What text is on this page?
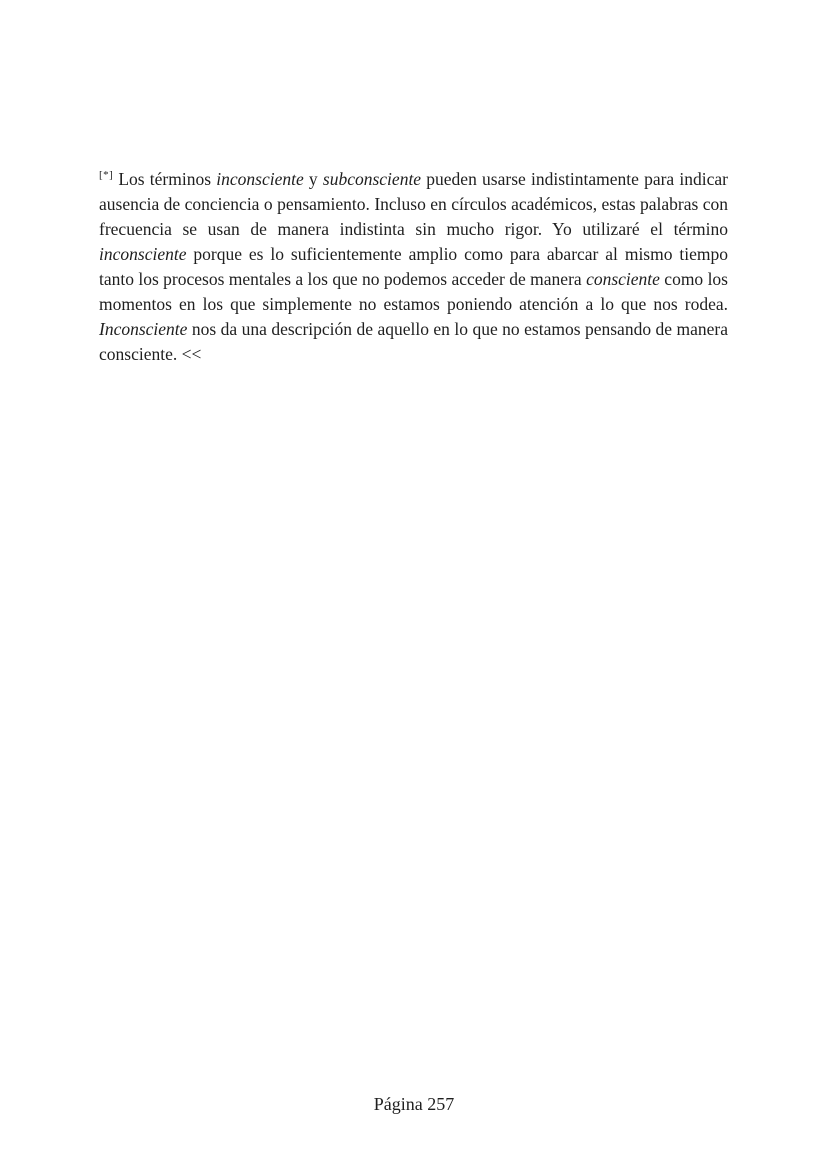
[*] Los términos inconsciente y subconsciente pueden usarse indistintamente para indicar ausencia de conciencia o pensamiento. Incluso en círculos académicos, estas palabras con frecuencia se usan de manera indistinta sin mucho rigor. Yo utilizaré el término inconsciente porque es lo suficientemente amplio como para abarcar al mismo tiempo tanto los procesos mentales a los que no podemos acceder de manera consciente como los momentos en los que simplemente no estamos poniendo atención a lo que nos rodea. Inconsciente nos da una descripción de aquello en lo que no estamos pensando de manera consciente. <<

Página 257
